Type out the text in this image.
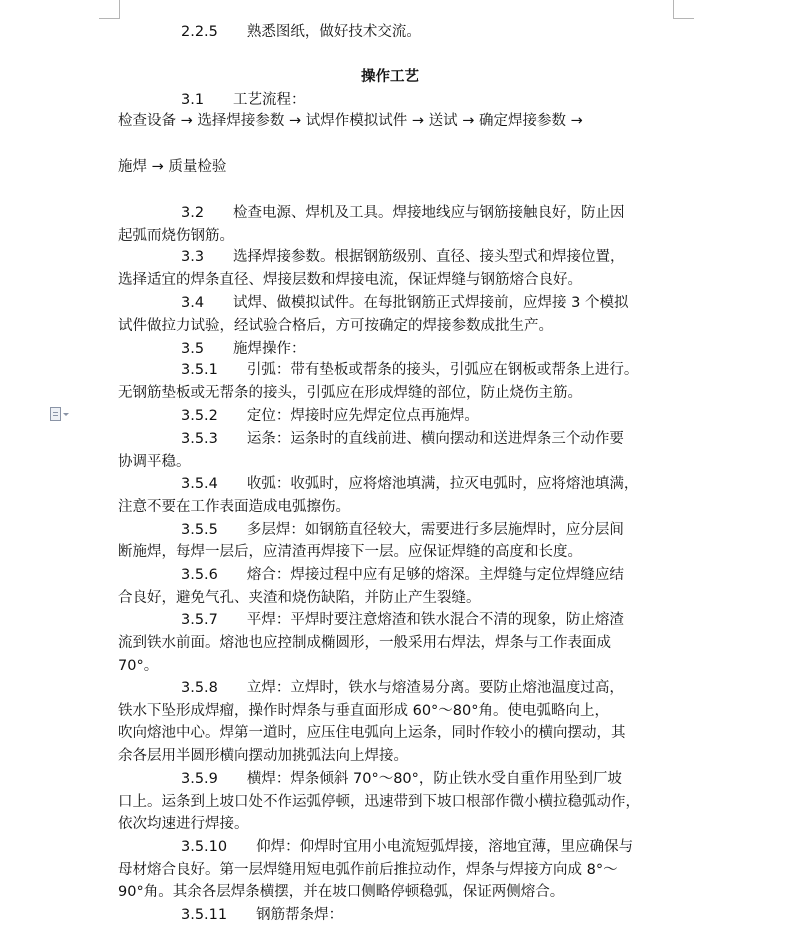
2.2.5　　熟悉图纸，做好技术交流。
操作工艺
3.1　　工艺流程：
检查设备 → 选择焊接参数 → 试焊作模拟试件 → 送试 → 确定焊接参数 →
施焊 → 质量检验
3.2　　检查电源、焊机及工具。焊接地线应与钢筋接触良好，防止因
起弧而烧伤钢筋。
3.3　　选择焊接参数。根据钢筋级别、直径、接头型式和焊接位置，
选择适宜的焊条直径、焊接层数和焊接电流，保证焊缝与钢筋熔合良好。
3.4　　试焊、做模拟试件。在每批钢筋正式焊接前，应焊接 3 个模拟
试件做拉力试验，经试验合格后，方可按确定的焊接参数成批生产。
3.5　　施焊操作：
3.5.1　　引弧：带有垫板或帮条的接头，引弧应在钢板或帮条上进行。
无钢筋垫板或无帮条的接头，引弧应在形成焊缝的部位，防止烧伤主筋。
3.5.2　　定位：焊接时应先焊定位点再施焊。
3.5.3　　运条：运条时的直线前进、横向摆动和送进焊条三个动作要
协调平稳。
3.5.4　　收弧：收弧时，应将熔池填满，拉灭电弧时，应将熔池填满，
注意不要在工作表面造成电弧擦伤。
3.5.5　　多层焊：如钢筋直径较大，需要进行多层施焊时，应分层间
断施焊，每焊一层后，应清渣再焊接下一层。应保证焊缝的高度和长度。
3.5.6　　熔合：焊接过程中应有足够的熔深。主焊缝与定位焊缝应结
合良好，避免气孔、夹渣和烧伤缺陷，并防止产生裂缝。
3.5.7　　平焊：平焊时要注意熔渣和铁水混合不清的现象，防止熔渣
流到铁水前面。熔池也应控制成椭圆形，一般采用右焊法，焊条与工作表面成
70°。
3.5.8　　立焊：立焊时，铁水与熔渣易分离。要防止熔池温度过高，
铁水下坠形成焊瘤，操作时焊条与垂直面形成 60°～80°角。使电弧略向上，
吹向熔池中心。焊第一道时，应压住电弧向上运条，同时作较小的横向摆动，其
余各层用半圆形横向摆动加挑弧法向上焊接。
3.5.9　　横焊：焊条倾斜 70°～80°，防止铁水受自重作用坠到厂坡
口上。运条到上坡口处不作运弧停顿，迅速带到下坡口根部作微小横拉稳弧动作，
依次均速进行焊接。
3.5.10　　仰焊：仰焊时宜用小电流短弧焊接，溶地宜薄，里应确保与
母材熔合良好。第一层焊缝用短电弧作前后推拉动作，焊条与焊接方向成 8°～
90°角。其余各层焊条横摆，并在坡口侧略停顿稳弧，保证两侧熔合。
3.5.11　　钢筋帮条焊：
